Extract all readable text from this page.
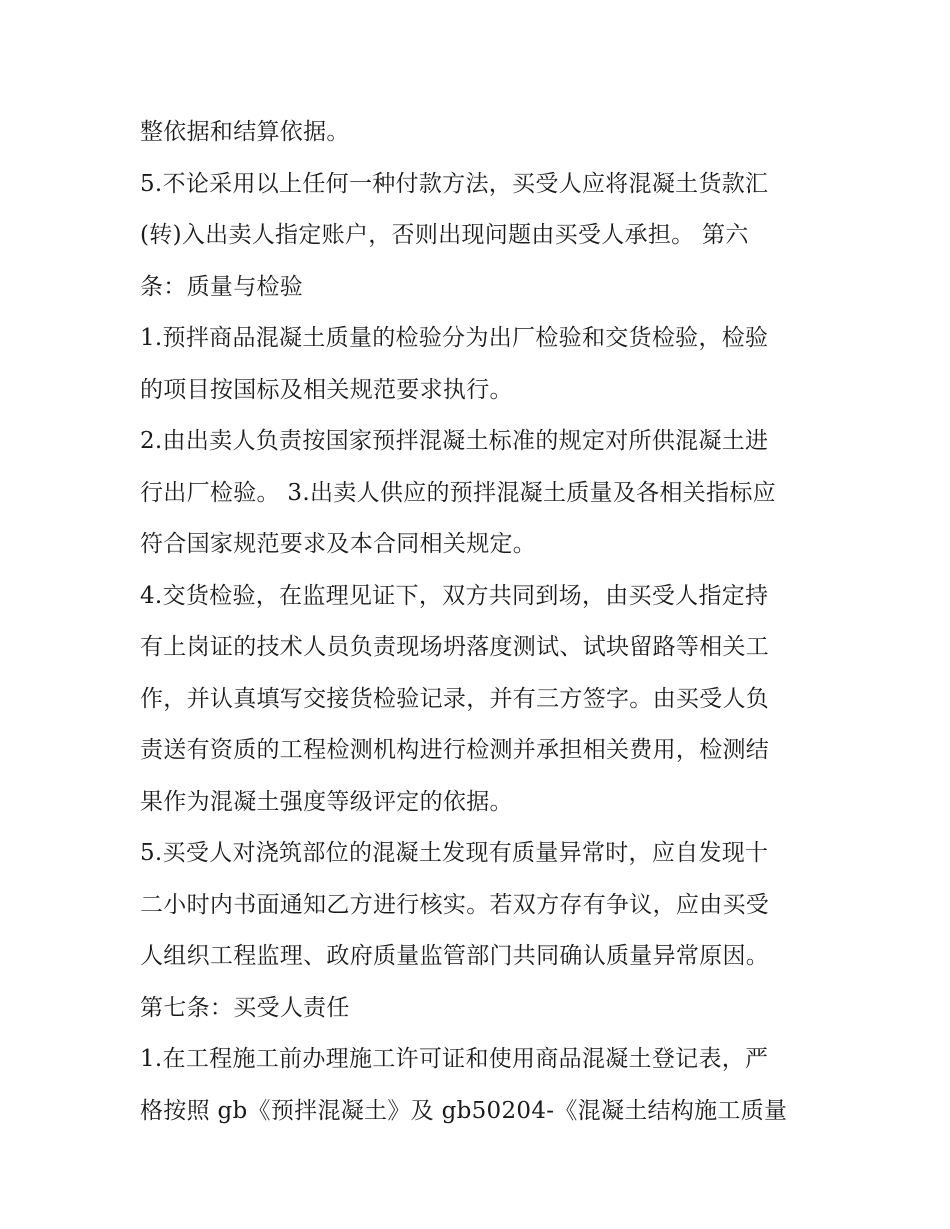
整依据和结算依据。
5.不论采用以上任何一种付款方法，买受人应将混凝土货款汇
(转)入出卖人指定账户，否则出现问题由买受人承担。 第六
条：质量与检验
1.预拌商品混凝土质量的检验分为出厂检验和交货检验，检验
的项目按国标及相关规范要求执行。
2.由出卖人负责按国家预拌混凝土标准的规定对所供混凝土进
行出厂检验。 3.出卖人供应的预拌混凝土质量及各相关指标应
符合国家规范要求及本合同相关规定。
4.交货检验，在监理见证下，双方共同到场，由买受人指定持
有上岗证的技术人员负责现场坍落度测试、试块留路等相关工
作，并认真填写交接货检验记录，并有三方签字。由买受人负
责送有资质的工程检测机构进行检测并承担相关费用，检测结
果作为混凝土强度等级评定的依据。
5.买受人对浇筑部位的混凝土发现有质量异常时，应自发现十
二小时内书面通知乙方进行核实。若双方存有争议，应由买受
人组织工程监理、政府质量监管部门共同确认质量异常原因。
第七条：买受人责任
1.在工程施工前办理施工许可证和使用商品混凝土登记表，严
格按照 gb《预拌混凝土》及 gb50204-《混凝土结构施工质量
